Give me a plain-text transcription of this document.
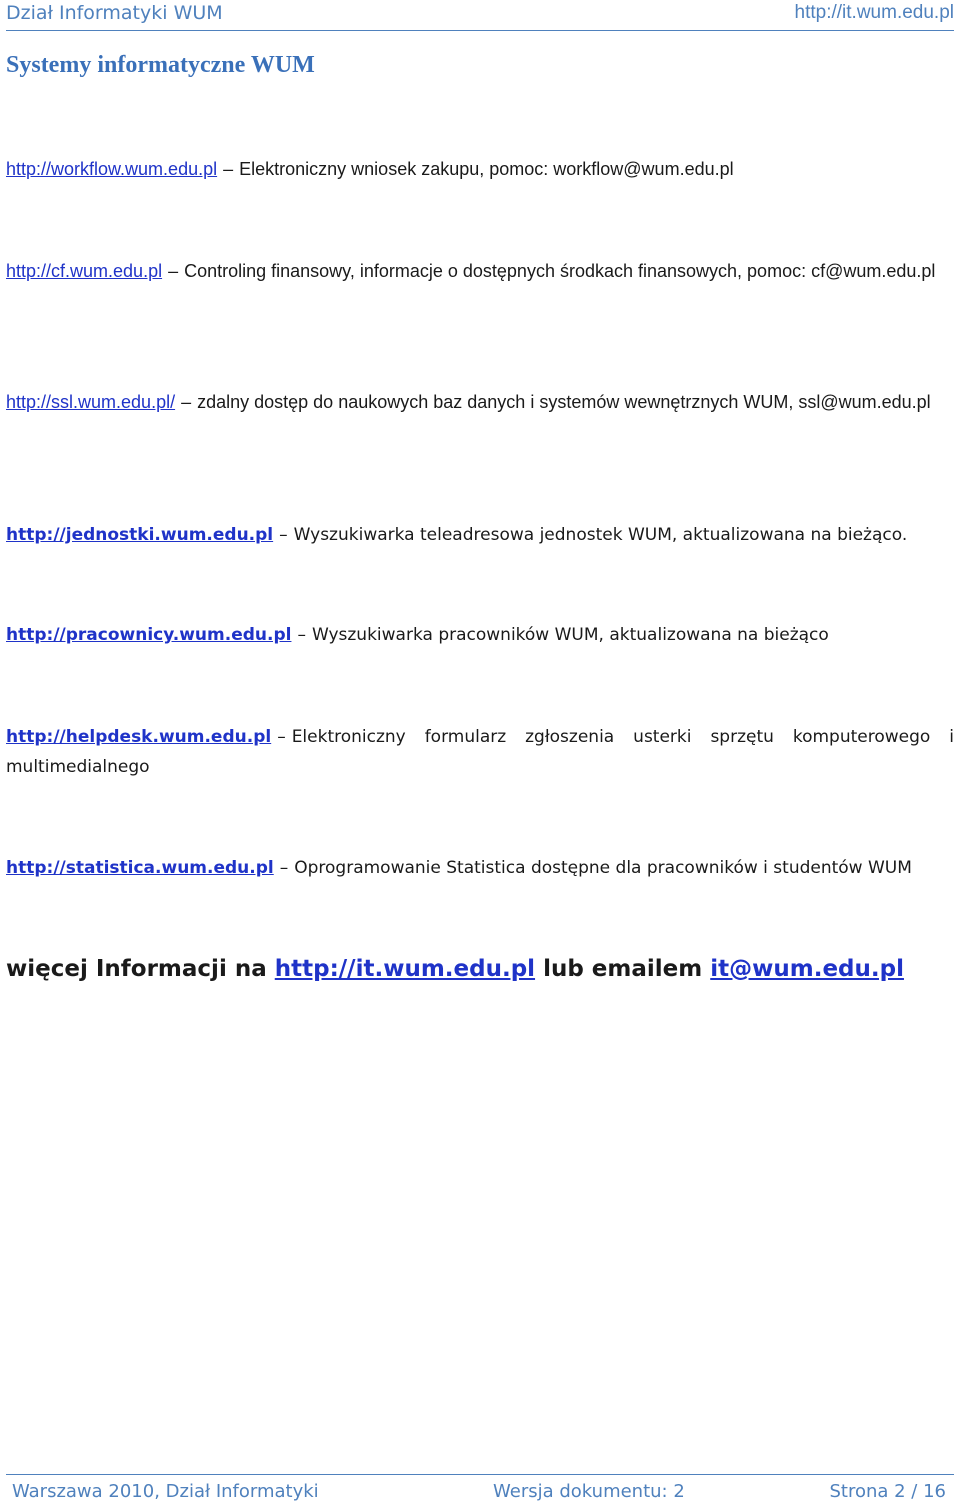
Dział Informatyki WUM	http://it.wum.edu.pl
Systemy informatyczne WUM
http://workflow.wum.edu.pl – Elektroniczny wniosek zakupu, pomoc: workflow@wum.edu.pl
http://cf.wum.edu.pl – Controling finansowy, informacje o dostępnych środkach finansowych, pomoc: cf@wum.edu.pl
http://ssl.wum.edu.pl/ – zdalny dostęp do naukowych baz danych i systemów wewnętrznych WUM, ssl@wum.edu.pl
http://jednostki.wum.edu.pl – Wyszukiwarka teleadresowa jednostek WUM, aktualizowana na bieżąco.
http://pracownicy.wum.edu.pl – Wyszukiwarka pracowników WUM, aktualizowana na bieżąco
http://helpdesk.wum.edu.pl – Elektroniczny formularz zgłoszenia usterki sprzętu komputerowego i multimedialnego
http://statistica.wum.edu.pl – Oprogramowanie Statistica dostępne dla pracowników i studentów WUM
więcej Informacji na http://it.wum.edu.pl lub emailem it@wum.edu.pl
Warszawa 2010, Dział Informatyki	Wersja dokumentu: 2	Strona 2 / 16
